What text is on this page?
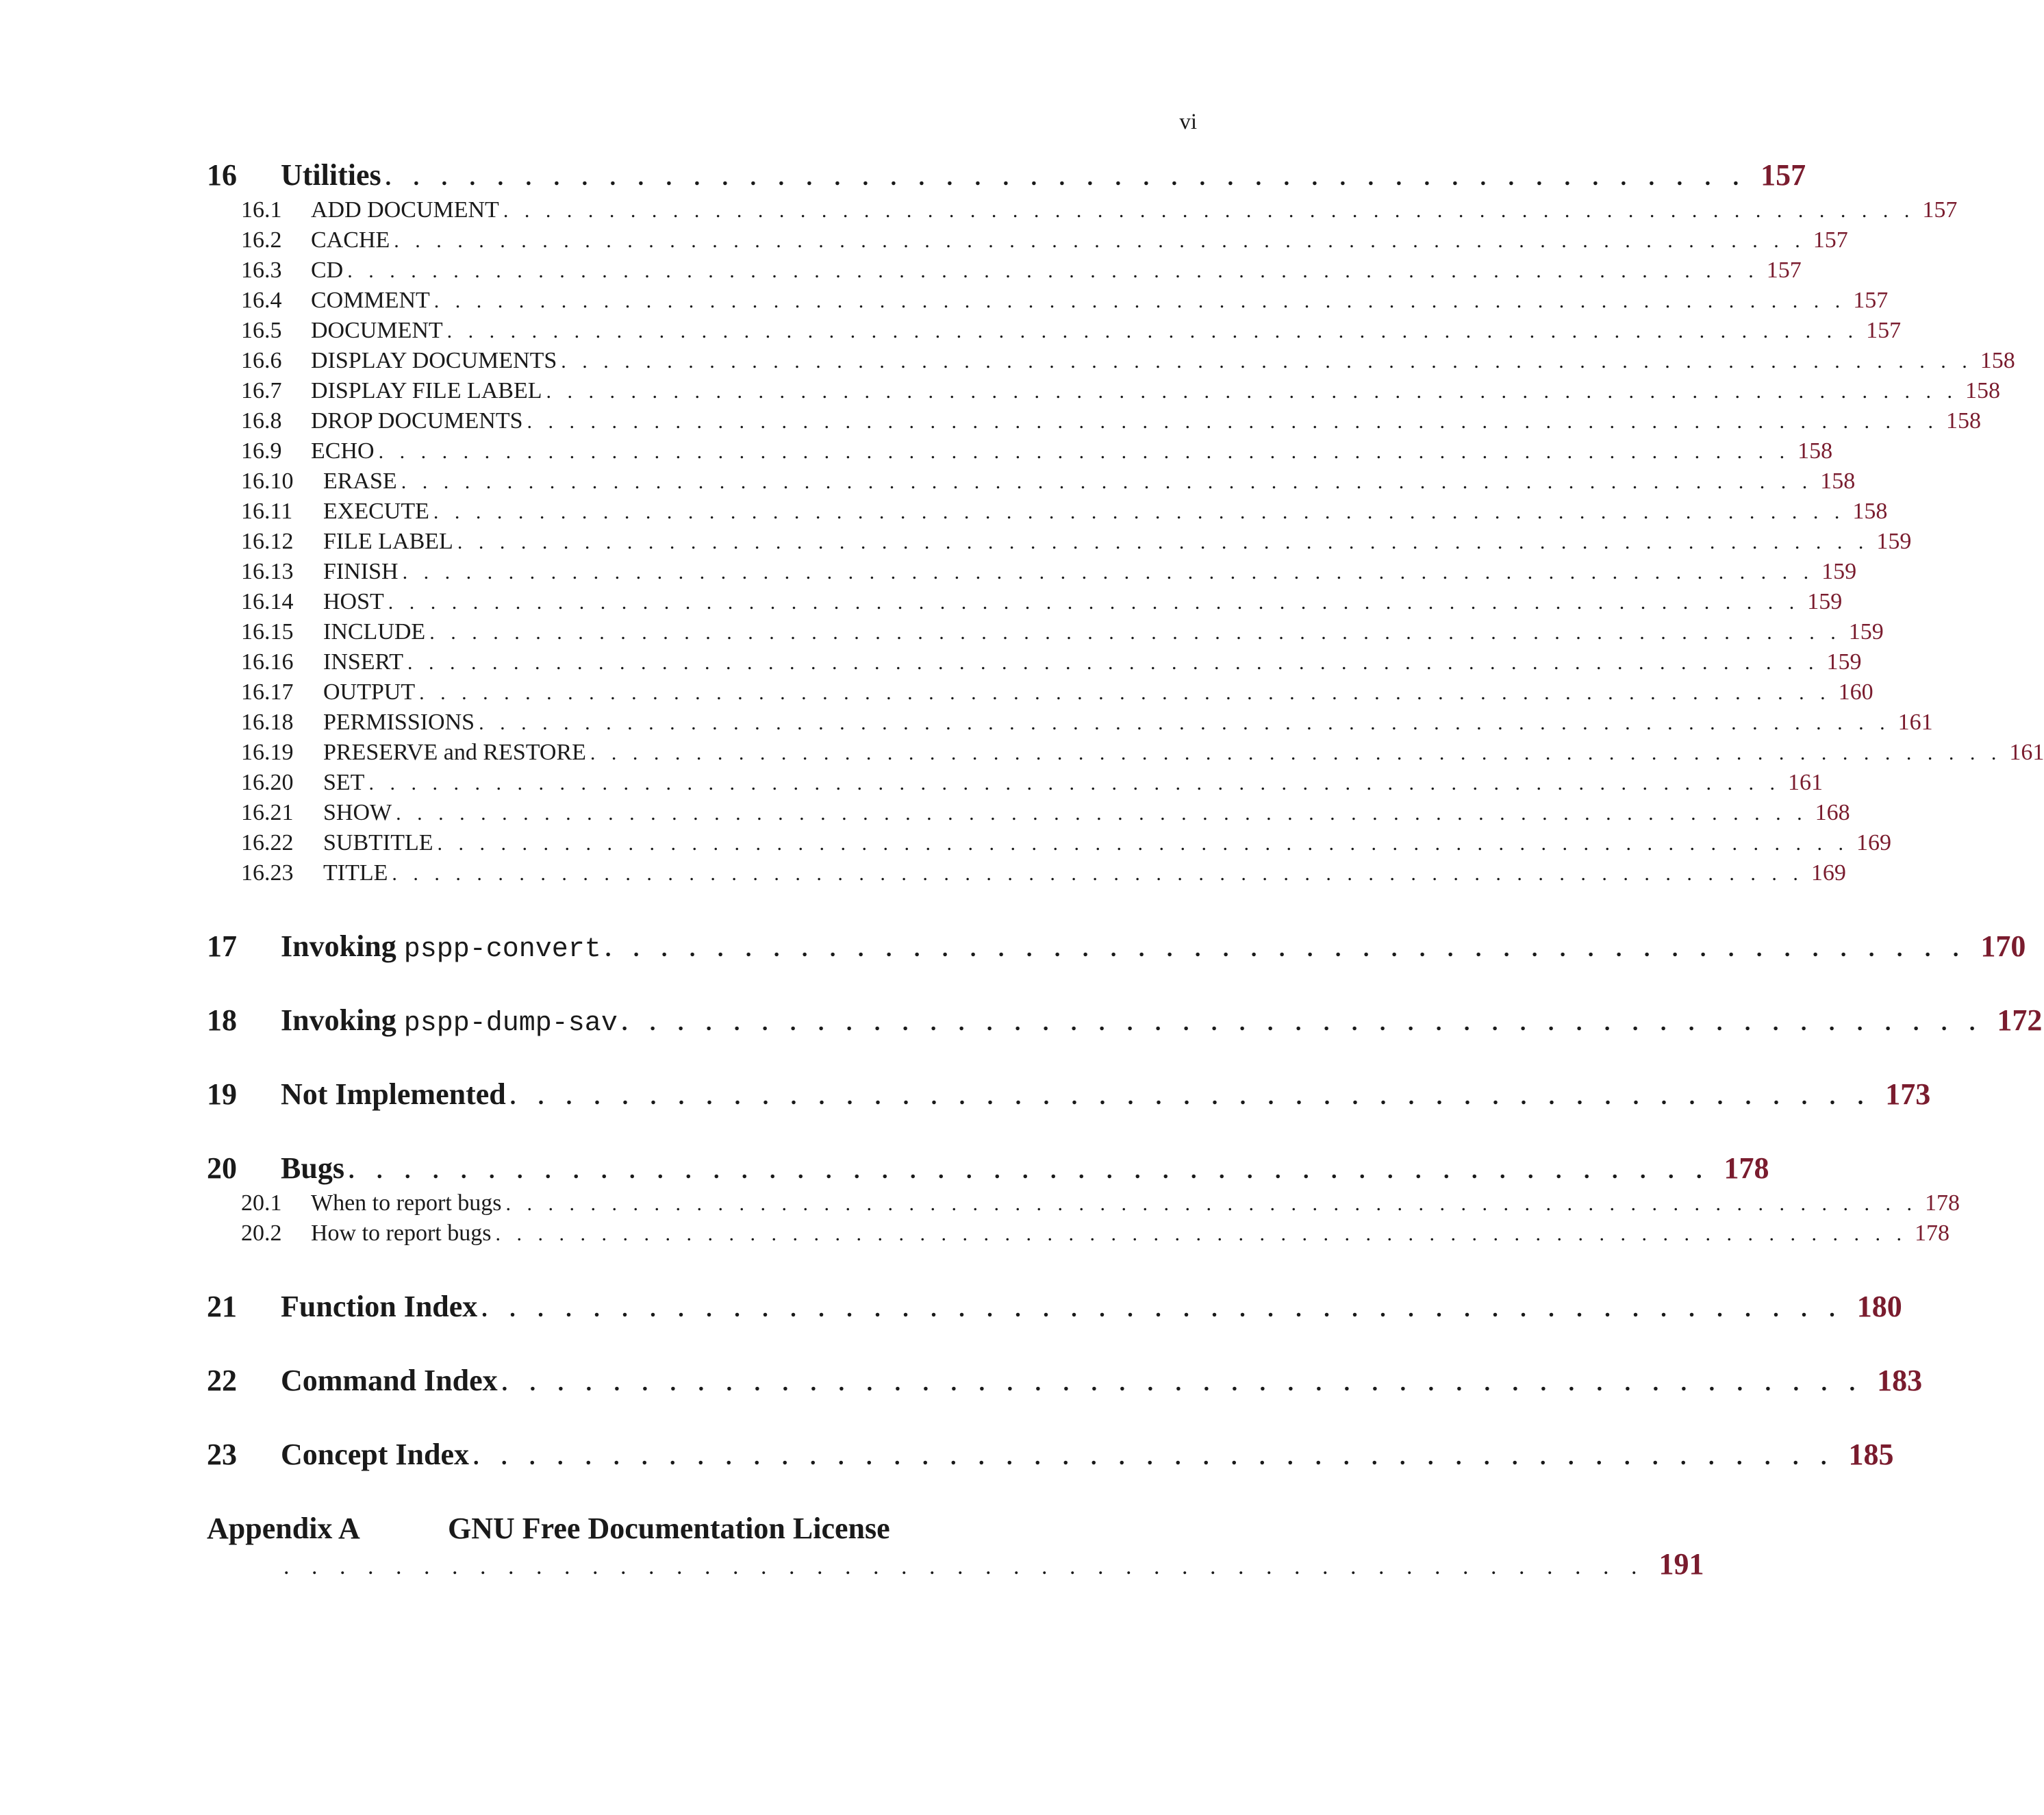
vi
16	Utilities . . . . . . . . . . . . . . . . . . . . . . . . . . . . . . . . . . . . . . . . . . . . . . . . . 157
16.1	ADD DOCUMENT . . . . . . . . . . . . . . . . . . . . . . . . . . . . . . . . . . . . . . . . . . . . . . . . . . . . . . . . . . . . . . . . . . . 157
16.2	CACHE . . . . . . . . . . . . . . . . . . . . . . . . . . . . . . . . . . . . . . . . . . . . . . . . . . . . . . . . . . . . . . . . . . . 157
16.3	CD . . . . . . . . . . . . . . . . . . . . . . . . . . . . . . . . . . . . . . . . . . . . . . . . . . . . . . . . . . . . . . . . . . . 157
16.4	COMMENT . . . . . . . . . . . . . . . . . . . . . . . . . . . . . . . . . . . . . . . . . . . . . . . . . . . . . . . . . . . . . . . . . . . 157
16.5	DOCUMENT . . . . . . . . . . . . . . . . . . . . . . . . . . . . . . . . . . . . . . . . . . . . . . . . . . . . . . . . . . . . . . . . . . . 157
16.6	DISPLAY DOCUMENTS . . . . . . . . . . . . . . . . . . . . . . . . . . . . . . . . . . . . . . . . . . . . . . . . . . . . . . . . . . . . . . . . . . . 158
16.7	DISPLAY FILE LABEL . . . . . . . . . . . . . . . . . . . . . . . . . . . . . . . . . . . . . . . . . . . . . . . . . . . . . . . . . . . . . . . . . . . 158
16.8	DROP DOCUMENTS . . . . . . . . . . . . . . . . . . . . . . . . . . . . . . . . . . . . . . . . . . . . . . . . . . . . . . . . . . . . . . . . . . . 158
16.9	ECHO . . . . . . . . . . . . . . . . . . . . . . . . . . . . . . . . . . . . . . . . . . . . . . . . . . . . . . . . . . . . . . . . . . . 158
16.10	ERASE . . . . . . . . . . . . . . . . . . . . . . . . . . . . . . . . . . . . . . . . . . . . . . . . . . . . . . . . . . . . . . . . . . . 158
16.11	EXECUTE . . . . . . . . . . . . . . . . . . . . . . . . . . . . . . . . . . . . . . . . . . . . . . . . . . . . . . . . . . . . . . . . . . . 158
16.12	FILE LABEL . . . . . . . . . . . . . . . . . . . . . . . . . . . . . . . . . . . . . . . . . . . . . . . . . . . . . . . . . . . . . . . . . . . 159
16.13	FINISH . . . . . . . . . . . . . . . . . . . . . . . . . . . . . . . . . . . . . . . . . . . . . . . . . . . . . . . . . . . . . . . . . . . 159
16.14	HOST . . . . . . . . . . . . . . . . . . . . . . . . . . . . . . . . . . . . . . . . . . . . . . . . . . . . . . . . . . . . . . . . . . . 159
16.15	INCLUDE . . . . . . . . . . . . . . . . . . . . . . . . . . . . . . . . . . . . . . . . . . . . . . . . . . . . . . . . . . . . . . . . . . . 159
16.16	INSERT . . . . . . . . . . . . . . . . . . . . . . . . . . . . . . . . . . . . . . . . . . . . . . . . . . . . . . . . . . . . . . . . . . . 159
16.17	OUTPUT . . . . . . . . . . . . . . . . . . . . . . . . . . . . . . . . . . . . . . . . . . . . . . . . . . . . . . . . . . . . . . . . . . . 160
16.18	PERMISSIONS . . . . . . . . . . . . . . . . . . . . . . . . . . . . . . . . . . . . . . . . . . . . . . . . . . . . . . . . . . . . . . . . . . . 161
16.19	PRESERVE and RESTORE . . . . . . . . . . . . . . . . . . . . . . . . . . . . . . . . . . . . . . . . . . . . . . . . . . . . . . . . . . . . . . . . . . . 161
16.20	SET . . . . . . . . . . . . . . . . . . . . . . . . . . . . . . . . . . . . . . . . . . . . . . . . . . . . . . . . . . . . . . . . . . . 161
16.21	SHOW . . . . . . . . . . . . . . . . . . . . . . . . . . . . . . . . . . . . . . . . . . . . . . . . . . . . . . . . . . . . . . . . . . . 168
16.22	SUBTITLE . . . . . . . . . . . . . . . . . . . . . . . . . . . . . . . . . . . . . . . . . . . . . . . . . . . . . . . . . . . . . . . . . . . 169
16.23	TITLE . . . . . . . . . . . . . . . . . . . . . . . . . . . . . . . . . . . . . . . . . . . . . . . . . . . . . . . . . . . . . . . . . . . 169
17	Invoking pspp-convert . . . . . . . . . . . . . . . . . . . . . . . . . . . . . . . . . . . . . . . . . . . . . . . . . 170
18	Invoking pspp-dump-sav . . . . . . . . . . . . . . . . . . . . . . . . . . . . . . . . . . . . . . . . . . . . . . . . . 172
19	Not Implemented . . . . . . . . . . . . . . . . . . . . . . . . . . . . . . . . . . . . . . . . . . . . . . . . . 173
20	Bugs . . . . . . . . . . . . . . . . . . . . . . . . . . . . . . . . . . . . . . . . . . . . . . . . . 178
20.1	When to report bugs . . . . . . . . . . . . . . . . . . . . . . . . . . . . . . . . . . . . . . . . . . . . . . . . . . . . . . . . . . . . . . . . . . . 178
20.2	How to report bugs . . . . . . . . . . . . . . . . . . . . . . . . . . . . . . . . . . . . . . . . . . . . . . . . . . . . . . . . . . . . . . . . . . . 178
21	Function Index . . . . . . . . . . . . . . . . . . . . . . . . . . . . . . . . . . . . . . . . . . . . . . . . . 180
22	Command Index . . . . . . . . . . . . . . . . . . . . . . . . . . . . . . . . . . . . . . . . . . . . . . . . . 183
23	Concept Index . . . . . . . . . . . . . . . . . . . . . . . . . . . . . . . . . . . . . . . . . . . . . . . . . 185
Appendix A	GNU Free Documentation License
. . . . . . . . . . . . . . . . . . . . . . . . . . . . . . . . . . . . . . . . . . . . . . . . . 191
